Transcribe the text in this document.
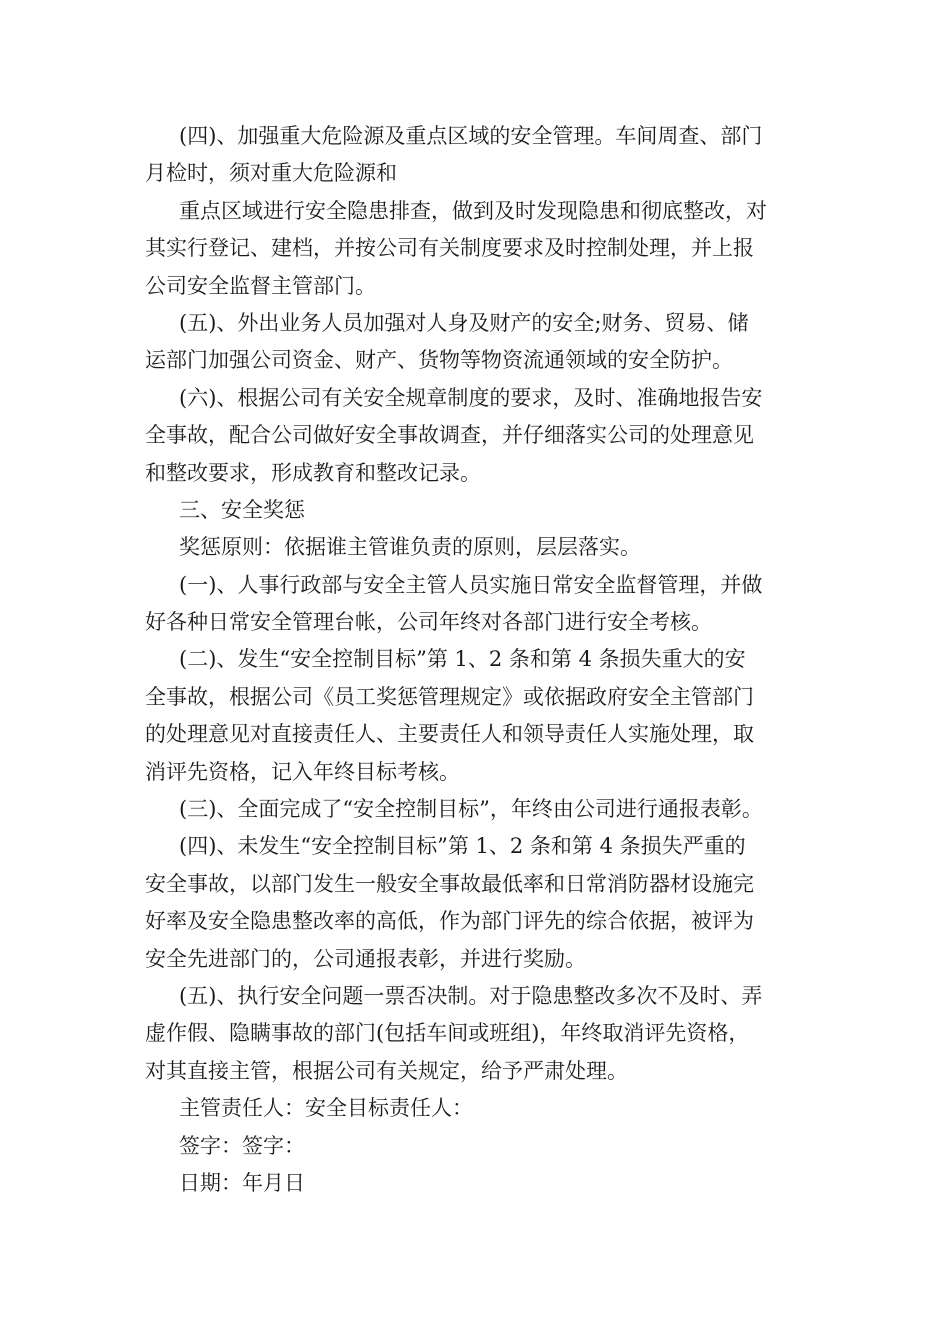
(四)、加强重大危险源及重点区域的安全管理。车间周查、部门
月检时，须对重大危险源和
重点区域进行安全隐患排查，做到及时发现隐患和彻底整改，对
其实行登记、建档，并按公司有关制度要求及时控制处理，并上报
公司安全监督主管部门。
(五)、外出业务人员加强对人身及财产的安全;财务、贸易、储
运部门加强公司资金、财产、货物等物资流通领域的安全防护。
(六)、根据公司有关安全规章制度的要求，及时、准确地报告安
全事故，配合公司做好安全事故调查，并仔细落实公司的处理意见
和整改要求，形成教育和整改记录。
三、安全奖惩
奖惩原则：依据谁主管谁负责的原则，层层落实。
(一)、人事行政部与安全主管人员实施日常安全监督管理，并做
好各种日常安全管理台帐，公司年终对各部门进行安全考核。
(二)、发生“安全控制目标”第 1、2 条和第 4 条损失重大的安
全事故，根据公司《员工奖惩管理规定》或依据政府安全主管部门
的处理意见对直接责任人、主要责任人和领导责任人实施处理，取
消评先资格，记入年终目标考核。
(三)、全面完成了“安全控制目标”，年终由公司进行通报表彰。
(四)、未发生“安全控制目标”第 1、2 条和第 4 条损失严重的
安全事故，以部门发生一般安全事故最低率和日常消防器材设施完
好率及安全隐患整改率的高低，作为部门评先的综合依据，被评为
安全先进部门的，公司通报表彰，并进行奖励。
(五)、执行安全问题一票否决制。对于隐患整改多次不及时、弄
虚作假、隐瞒事故的部门(包括车间或班组)，年终取消评先资格，
对其直接主管，根据公司有关规定，给予严肃处理。
主管责任人：安全目标责任人：
签字：签字：
日期：年月日
